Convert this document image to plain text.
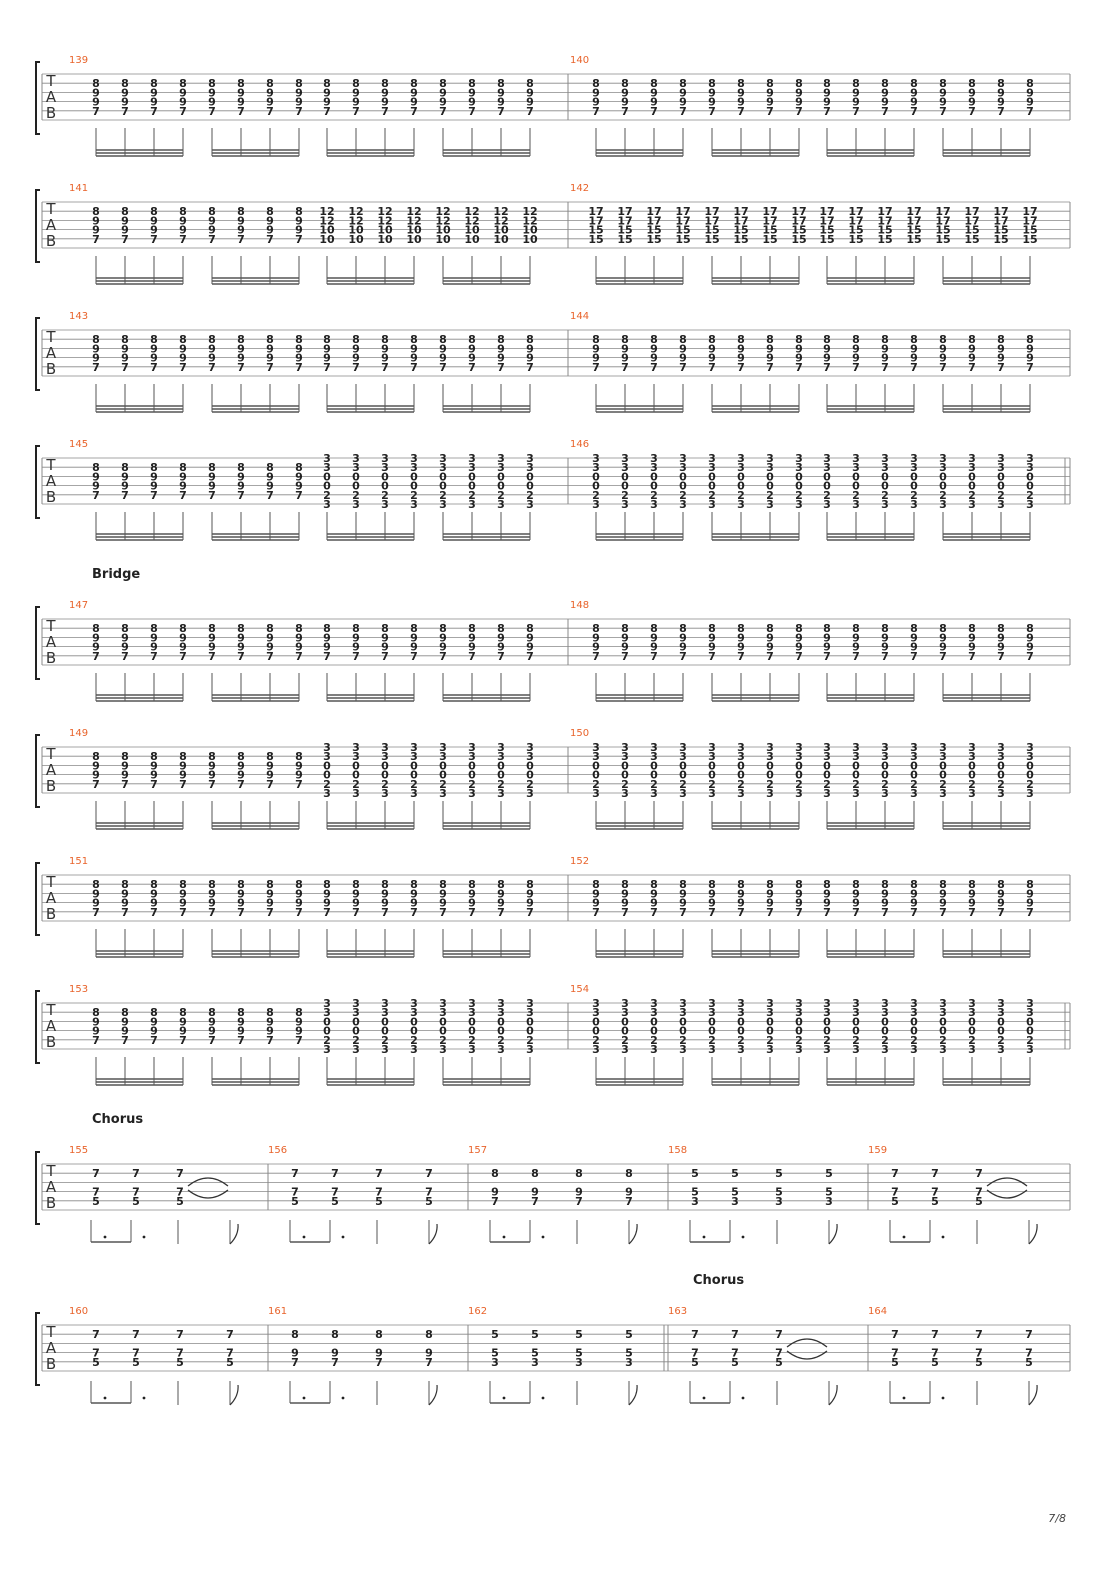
7/8
T
A
B
139
8
9
9
7
8
9
9
7
8
9
9
7
8
9
9
7
8
9
9
7
8
9
9
7
8
9
9
7
8
9
9
7
8
9
9
7
8
9
9
7
8
9
9
7
8
9
9
7
8
9
9
7
8
9
9
7
8
9
9
7
8
9
9
7
140
8
9
9
7
8
9
9
7
8
9
9
7
8
9
9
7
8
9
9
7
8
9
9
7
8
9
9
7
8
9
9
7
8
9
9
7
8
9
9
7
8
9
9
7
8
9
9
7
8
9
9
7
8
9
9
7
8
9
9
7
8
9
9
7
T
A
B
141
8
9
9
7
8
9
9
7
8
9
9
7
8
9
9
7
8
9
9
7
8
9
9
7
8
9
9
7
8
9
9
7
12
12
10
10
12
12
10
10
12
12
10
10
12
12
10
10
12
12
10
10
12
12
10
10
12
12
10
10
12
12
10
10
142
17
17
15
15
17
17
15
15
17
17
15
15
17
17
15
15
17
17
15
15
17
17
15
15
17
17
15
15
17
17
15
15
17
17
15
15
17
17
15
15
17
17
15
15
17
17
15
15
17
17
15
15
17
17
15
15
17
17
15
15
17
17
15
15
T
A
B
143
8
9
9
7
8
9
9
7
8
9
9
7
8
9
9
7
8
9
9
7
8
9
9
7
8
9
9
7
8
9
9
7
8
9
9
7
8
9
9
7
8
9
9
7
8
9
9
7
8
9
9
7
8
9
9
7
8
9
9
7
8
9
9
7
144
8
9
9
7
8
9
9
7
8
9
9
7
8
9
9
7
8
9
9
7
8
9
9
7
8
9
9
7
8
9
9
7
8
9
9
7
8
9
9
7
8
9
9
7
8
9
9
7
8
9
9
7
8
9
9
7
8
9
9
7
8
9
9
7
T
A
B
145
8
9
9
7
8
9
9
7
8
9
9
7
8
9
9
7
8
9
9
7
8
9
9
7
8
9
9
7
8
9
9
7
3
3
0
0
2
3
3
3
0
0
2
3
3
3
0
0
2
3
3
3
0
0
2
3
3
3
0
0
2
3
3
3
0
0
2
3
3
3
0
0
2
3
3
3
0
0
2
3
146
3
3
0
0
2
3
3
3
0
0
2
3
3
3
0
0
2
3
3
3
0
0
2
3
3
3
0
0
2
3
3
3
0
0
2
3
3
3
0
0
2
3
3
3
0
0
2
3
3
3
0
0
2
3
3
3
0
0
2
3
3
3
0
0
2
3
3
3
0
0
2
3
3
3
0
0
2
3
3
3
0
0
2
3
3
3
0
0
2
3
3
3
0
0
2
3
Bridge
T
A
B
147
8
9
9
7
8
9
9
7
8
9
9
7
8
9
9
7
8
9
9
7
8
9
9
7
8
9
9
7
8
9
9
7
8
9
9
7
8
9
9
7
8
9
9
7
8
9
9
7
8
9
9
7
8
9
9
7
8
9
9
7
8
9
9
7
148
8
9
9
7
8
9
9
7
8
9
9
7
8
9
9
7
8
9
9
7
8
9
9
7
8
9
9
7
8
9
9
7
8
9
9
7
8
9
9
7
8
9
9
7
8
9
9
7
8
9
9
7
8
9
9
7
8
9
9
7
8
9
9
7
T
A
B
149
8
9
9
7
8
9
9
7
8
9
9
7
8
9
9
7
8
9
9
7
8
9
9
7
8
9
9
7
8
9
9
7
3
3
0
0
2
3
3
3
0
0
2
3
3
3
0
0
2
3
3
3
0
0
2
3
3
3
0
0
2
3
3
3
0
0
2
3
3
3
0
0
2
3
3
3
0
0
2
3
150
3
3
0
0
2
3
3
3
0
0
2
3
3
3
0
0
2
3
3
3
0
0
2
3
3
3
0
0
2
3
3
3
0
0
2
3
3
3
0
0
2
3
3
3
0
0
2
3
3
3
0
0
2
3
3
3
0
0
2
3
3
3
0
0
2
3
3
3
0
0
2
3
3
3
0
0
2
3
3
3
0
0
2
3
3
3
0
0
2
3
3
3
0
0
2
3
T
A
B
151
8
9
9
7
8
9
9
7
8
9
9
7
8
9
9
7
8
9
9
7
8
9
9
7
8
9
9
7
8
9
9
7
8
9
9
7
8
9
9
7
8
9
9
7
8
9
9
7
8
9
9
7
8
9
9
7
8
9
9
7
8
9
9
7
152
8
9
9
7
8
9
9
7
8
9
9
7
8
9
9
7
8
9
9
7
8
9
9
7
8
9
9
7
8
9
9
7
8
9
9
7
8
9
9
7
8
9
9
7
8
9
9
7
8
9
9
7
8
9
9
7
8
9
9
7
8
9
9
7
T
A
B
153
8
9
9
7
8
9
9
7
8
9
9
7
8
9
9
7
8
9
9
7
8
9
9
7
8
9
9
7
8
9
9
7
3
3
0
0
2
3
3
3
0
0
2
3
3
3
0
0
2
3
3
3
0
0
2
3
3
3
0
0
2
3
3
3
0
0
2
3
3
3
0
0
2
3
3
3
0
0
2
3
154
3
3
0
0
2
3
3
3
0
0
2
3
3
3
0
0
2
3
3
3
0
0
2
3
3
3
0
0
2
3
3
3
0
0
2
3
3
3
0
0
2
3
3
3
0
0
2
3
3
3
0
0
2
3
3
3
0
0
2
3
3
3
0
0
2
3
3
3
0
0
2
3
3
3
0
0
2
3
3
3
0
0
2
3
3
3
0
0
2
3
3
3
0
0
2
3
Chorus
T
A
B
155
7
7
5
7
7
5
7
7
5
156
7
7
5
7
7
5
7
7
5
7
7
5
157
8
9
7
8
9
7
8
9
7
8
9
7
158
5
5
3
5
5
3
5
5
3
5
5
3
159
7
7
5
7
7
5
7
7
5
Chorus
T
A
B
160
7
7
5
7
7
5
7
7
5
7
7
5
161
8
9
7
8
9
7
8
9
7
8
9
7
162
5
5
3
5
5
3
5
5
3
5
5
3
163
7
7
5
7
7
5
7
7
5
164
7
7
5
7
7
5
7
7
5
7
7
5
